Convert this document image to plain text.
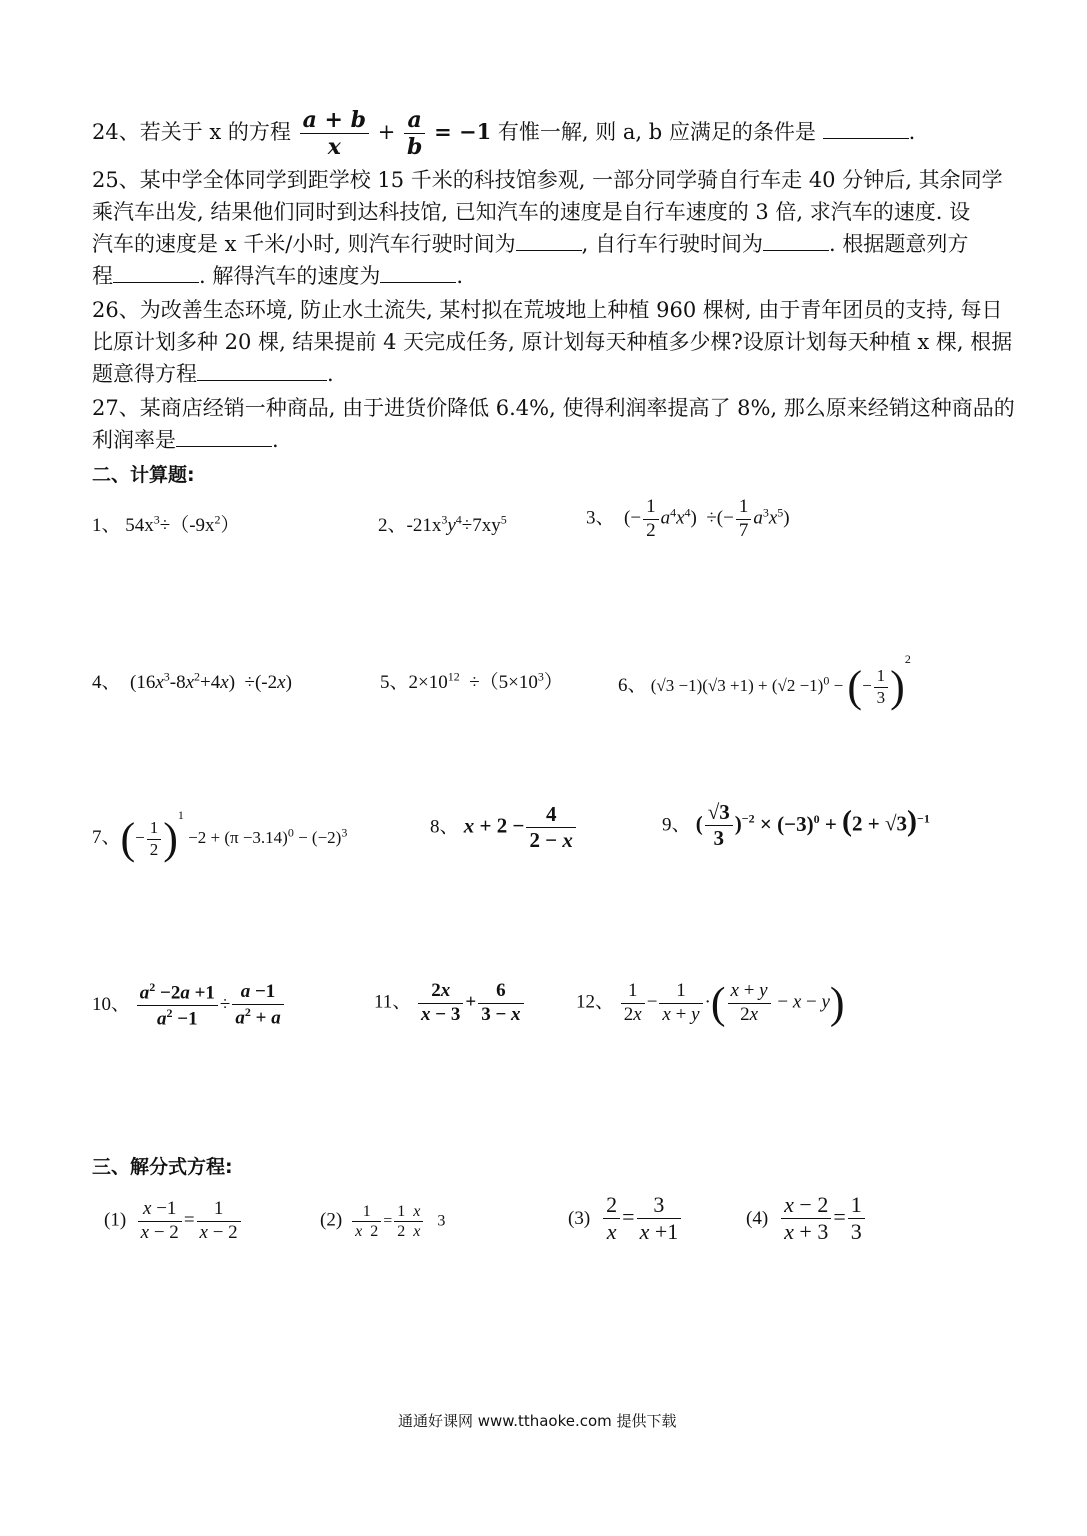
24、若关于 x 的方程 $\frac{a + b}{x} + \frac{a}{b} = -1$ 有惟一解, 则 a, b 应满足的条件是	.
25、某中学全体同学到距学校 15 千米的科技馆参观, 一部分同学骑自行车走 40 分钟后, 其余同学
乘汽车出发, 结果他们同时到达科技馆, 已知汽车的速度是自行车速度的 3 倍, 求汽车的速度. 设
汽车的速度是 x 千米/小时, 则汽车行驶时间为	, 自行车行驶时间为	. 根据题意列方
程	. 解得汽车的速度为	.
26、为改善生态环境, 防止水土流失, 某村拟在荒坡地上种植 960 棵树, 由于青年团员的支持, 每日
比原计划多种 20 棵, 结果提前 4 天完成任务, 原计划每天种植多少棵?设原计划每天种植 x 棵, 根据
题意得方程	.
27、某商店经销一种商品, 由于进货价降低 6.4%, 使得利润率提高了 8%, 那么原来经销这种商品的
利润率是	.
二、计算题:
1、 $54x^3\div(-9x^2)$	2、$-21x^3y^4\div 7xy^5$	3、  (− $\frac{1}{2} a^4x^4$)  ÷(− $\frac{1}{7} a^3x^5$)
4、  $(16x^3-8x^2+4x) \div(-2x)$	5、$2\times 10^{12} \div(5\times 10^3)$	6、 $(√3 -1)(√3 +1) + (√2 -1)^0$ − (− $\frac{1}{3} )^2$
7、(− $\frac{1}{2} )^1 -2 + (\pi -3.14)^0 - (-2)^3$	8、 $x + 2 - \frac{4}{2 - x}$	9、 ( $\frac{√3}{3} )^{-2} \times (-3)^0 + (2 + √3)^{-1}$
10、 $\frac{a^2 -2a +1}{a^2 -1} \div \frac{a -1}{a^2 + a}$	11、 $\frac{2x}{x - 3} + \frac{6}{3 - x}$	12、 $\frac{1}{2x} - \frac{1}{x + y}$ ·( $\frac{x + y}{2x} - x - y$)
三、解分式方程:
$(1) \frac{x -1}{x - 2} = \frac{1}{x - 2}$	$(2) \frac{1}{x 2} = \frac{1 x}{2 x} 3$	$(3) \frac{2}{x} = \frac{3}{x +1}$	$(4) \frac{x - 2}{x + 3} = \frac{1}{3}$
通通好课网 www.tthaoke.com 提供下载
